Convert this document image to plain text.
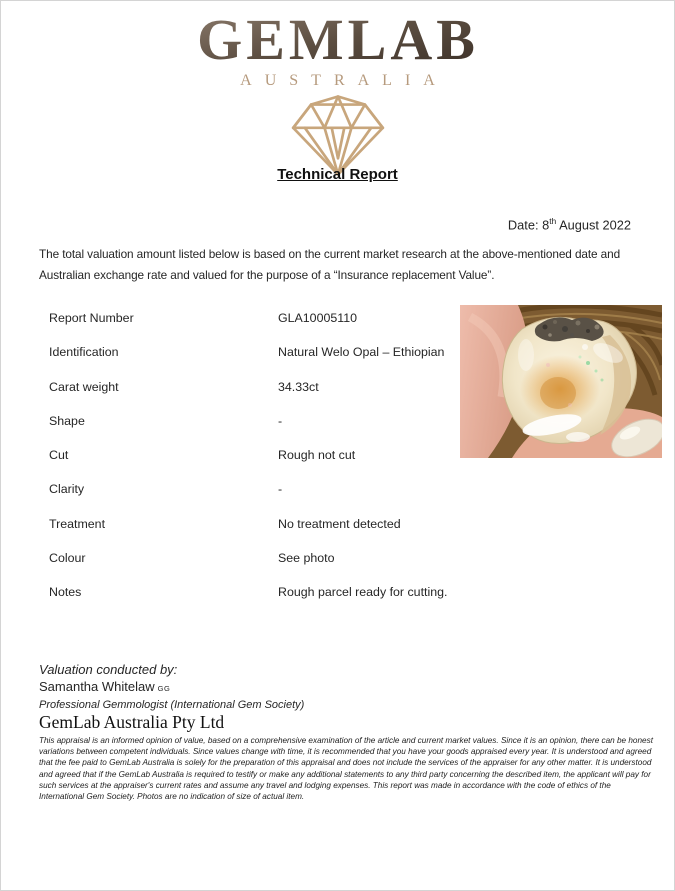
GEMLAB
AUSTRALIA
Technical Report
Date: 8th August 2022
The total valuation amount listed below is based on the current market research at the above-mentioned date and Australian exchange rate and valued for the purpose of a “Insurance replacement Value”.
Report Number	GLA10005110
Identification	Natural Welo Opal – Ethiopian
Carat weight	34.33ct
Shape	-
Cut	Rough not cut
Clarity	-
Treatment	No treatment detected
Colour	See photo
Notes	Rough parcel ready for cutting.
Valuation conducted by:
Samantha Whitelaw GG
Professional Gemmologist (International Gem Society)
GemLab Australia Pty Ltd
This appraisal is an informed opinion of value, based on a comprehensive examination of the article and current market values. Since it is an opinion, there can be honest variations between competent individuals. Since values change with time, it is recommended that you have your goods appraised every year. It is understood and agreed that the fee paid to GemLab Australia is solely for the preparation of this appraisal and does not include the services of the appraiser for any other matter. It is understood and agreed that if the GemLab Australia is required to testify or make any additional statements to any third party concerning the described item, the applicant will pay for such services at the appraiser's current rates and assume any travel and lodging expenses. This report was made in accordance with the code of ethics of the International Gem Society. Photos are no indication of size of actual item.
